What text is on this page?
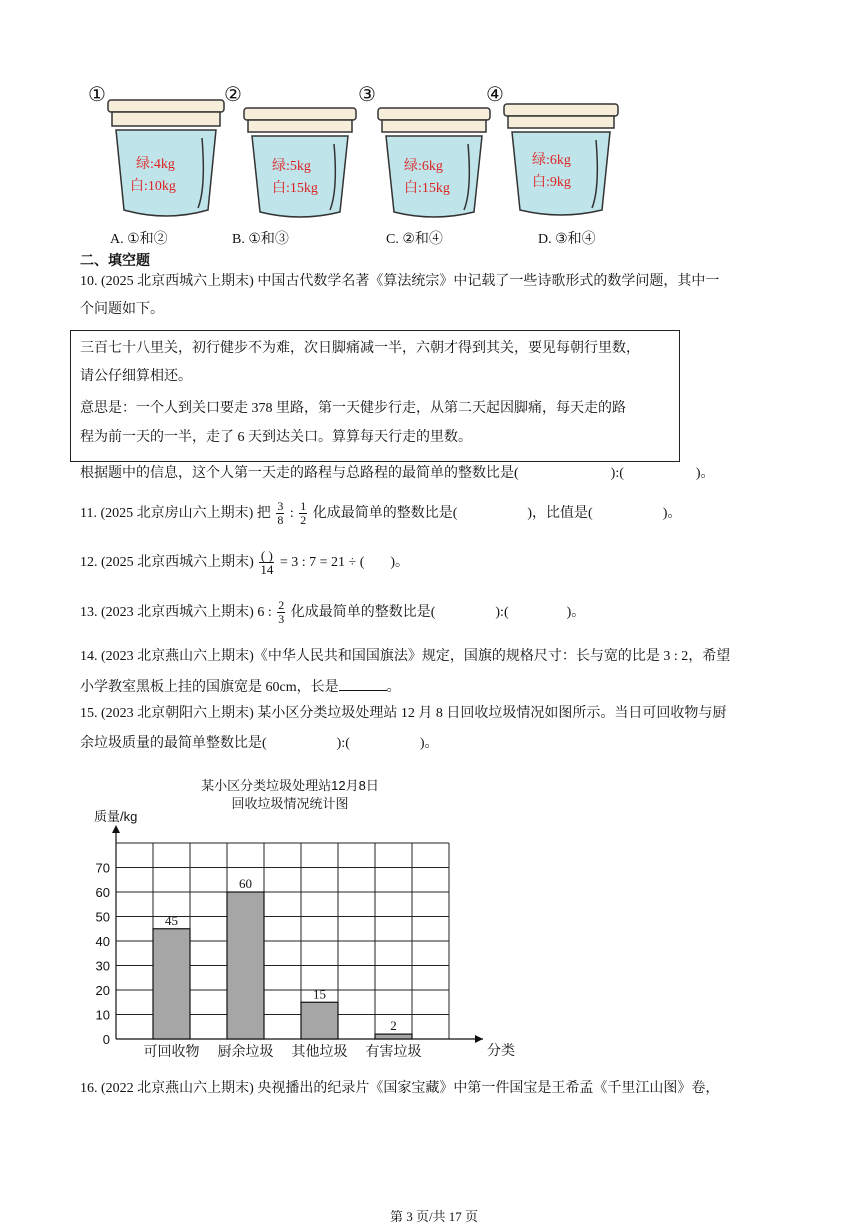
①
绿:4kg
白:10kg
②
绿:5kg
白:15kg
③
绿:6kg
白:15kg
④
绿:6kg
白:9kg
A. ①和②	B. ①和③	C. ②和④	D. ③和④
二、填空题
10. (2025 北京西城六上期末) 中国古代数学名著《算法统宗》中记载了一些诗歌形式的数学问题，其中一
个问题如下。
三百七十八里关，初行健步不为难，次日脚痛减一半，六朝才得到其关，要见每朝行里数，
请公仔细算相还。
意思是：一个人到关口要走 378 里路，第一天健步行走，从第二天起因脚痛，每天走的路
程为前一天的一半，走了 6 天到达关口。算算每天行走的里数。
根据题中的信息，这个人第一天走的路程与总路程的最简单的整数比是(	):(	)。
11. (2025 北京房山六上期末) 把 $\frac{3}{8}$ : $\frac{1}{2}$ 化成最简单的整数比是(	)，比值是(	)。
12. (2025 北京西城六上期末) $\frac{( )}{14} = 3$ : 7 = 21 ÷ ( )。
13. (2023 北京西城六上期末) 6 : $\frac{2}{3}$ 化成最简单的整数比是(	):(	)。
14. (2023 北京燕山六上期末)《中华人民共和国国旗法》规定，国旗的规格尺寸：长与宽的比是 3 : 2，希望
小学教室黑板上挂的国旗宽是 60cm，长是	。
15. (2023 北京朝阳六上期末) 某小区分类垃圾处理站 12 月 8 日回收垃圾情况如图所示。当日可回收物与厨
余垃圾质量的最简单整数比是(	):(	)。
某小区分类垃圾处理站12月8日
回收垃圾情况统计图
0
10
20
30
40
50
60
70
质量/kg
分类
45
可回收物
60
厨余垃圾
15
其他垃圾
2
有害垃圾
16. (2022 北京燕山六上期末) 央视播出的纪录片《国家宝藏》中第一件国宝是王希孟《千里江山图》卷，
第 3 页/共 17 页
